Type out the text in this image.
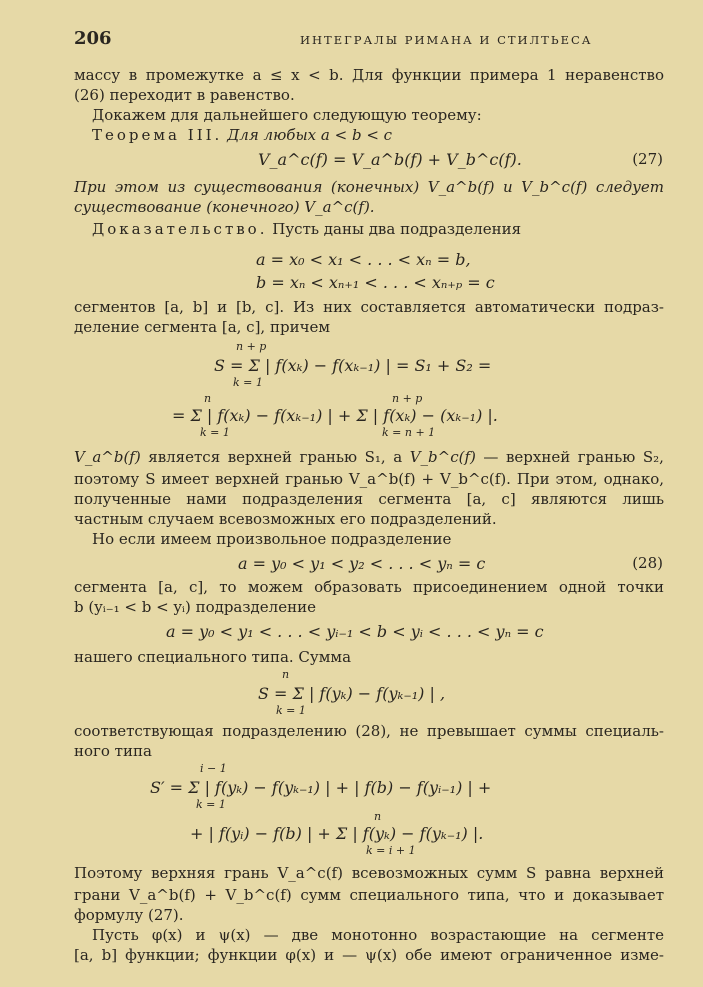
206	ИНТЕГРАЛЫ РИМАНА И СТИЛТЬЕСА
массу в промежутке a ≤ x < b. Для функции примера 1 неравенство
(26) переходит в равенство.
Докажем для дальнейшего следующую теорему:
Теорема III. Для любых a < b < c
V_a^c(f) = V_a^b(f) + V_b^c(f).	(27)
При этом из существования (конечных) V_a^b(f) и V_b^c(f) следует
существование (конечного) V_a^c(f).
Доказательство. Пусть даны два подразделения
a = x₀ < x₁ < . . . < xₙ = b,
b = xₙ < xₙ₊₁ < . . . < xₙ₊ₚ = c
сегментов [a, b] и [b, c]. Из них составляется автоматически подраз-
деление сегмента [a, c], причем
n + p
S = Σ | f(xₖ) − f(xₖ₋₁) | = S₁ + S₂ =
k = 1
n	n + p
= Σ | f(xₖ) − f(xₖ₋₁) | + Σ | f(xₖ) − (xₖ₋₁) |.
k = 1	k = n + 1
V_a^b(f) является верхней гранью S₁, а V_b^c(f) — верхней гранью S₂,
поэтому S имеет верхней гранью V_a^b(f) + V_b^c(f). При этом, однако,
полученные нами подразделения сегмента [a, c] являются лишь
частным случаем всевозможных его подразделений.
Но если имеем произвольное подразделение
a = y₀ < y₁ < y₂ < . . . < yₙ = c	(28)
сегмента [a, c], то можем образовать присоединением одной точки
b (yᵢ₋₁ < b < yᵢ) подразделение
a = y₀ < y₁ < . . . < yᵢ₋₁ < b < yᵢ < . . . < yₙ = c
нашего специального типа. Сумма
n
S = Σ | f(yₖ) − f(yₖ₋₁) | ,
k = 1
соответствующая подразделению (28), не превышает суммы специаль-
ного типа
i − 1
S′ = Σ | f(yₖ) − f(yₖ₋₁) | + | f(b) − f(yᵢ₋₁) | +
k = 1
n
+ | f(yᵢ) − f(b) | + Σ | f(yₖ) − f(yₖ₋₁) |.
k = i + 1
Поэтому верхняя грань V_a^c(f) всевозможных сумм S равна верхней
грани V_a^b(f) + V_b^c(f) сумм специального типа, что и доказывает
формулу (27).
Пусть φ(x) и ψ(x) — две монотонно возрастающие на сегменте
[a, b] функции; функции φ(x) и — ψ(x) обе имеют ограниченное изме-
